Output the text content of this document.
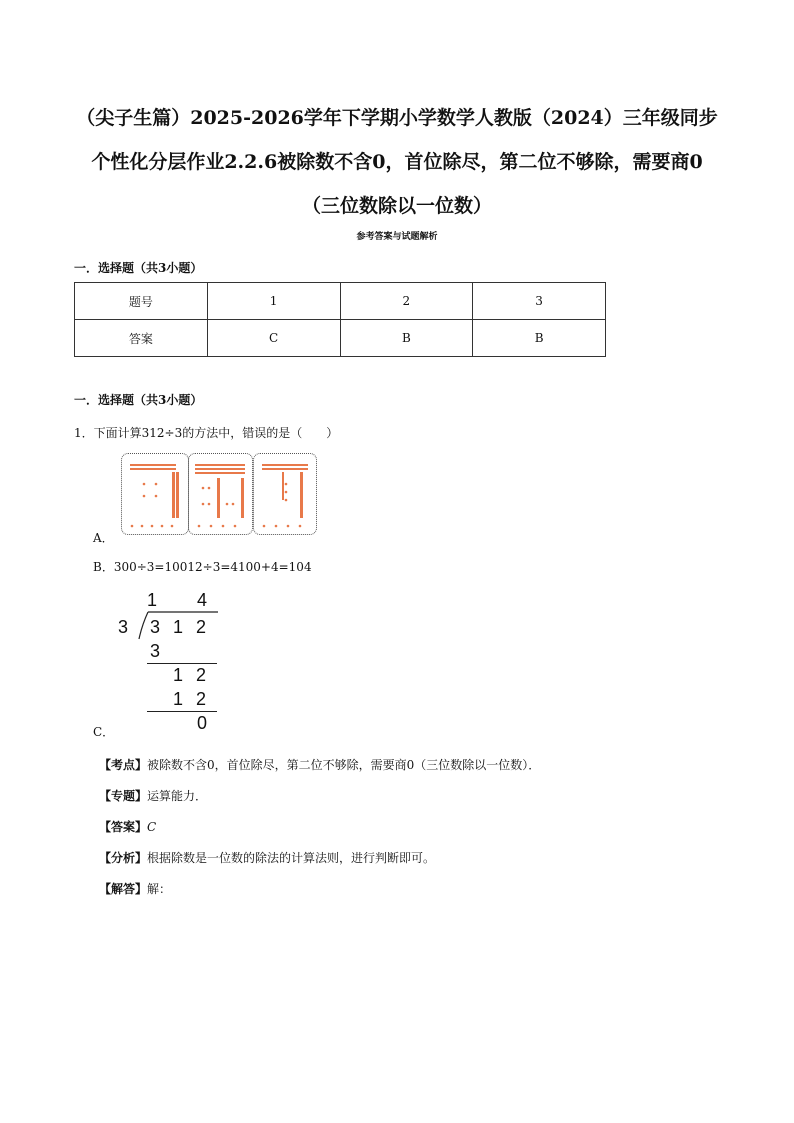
（尖子生篇）2025-2026学年下学期小学数学人教版（2024）三年级同步
个性化分层作业2.2.6被除数不含0，首位除尽，第二位不够除，需要商0
（三位数除以一位数）
参考答案与试题解析
一．选择题（共3小题）
题号	1	2	3
答案	C	B	B
一．选择题（共3小题）
1．下面计算312÷3的方法中，错误的是（　　）
A．
B．300÷3=10012÷3=4100+4=104
1 4
3 3 1 2
3
1 2
1 2
0
C．
【考点】被除数不含0，首位除尽，第二位不够除，需要商0（三位数除以一位数）．
【专题】运算能力．
【答案】C
【分析】根据除数是一位数的除法的计算法则，进行判断即可。
【解答】解：
